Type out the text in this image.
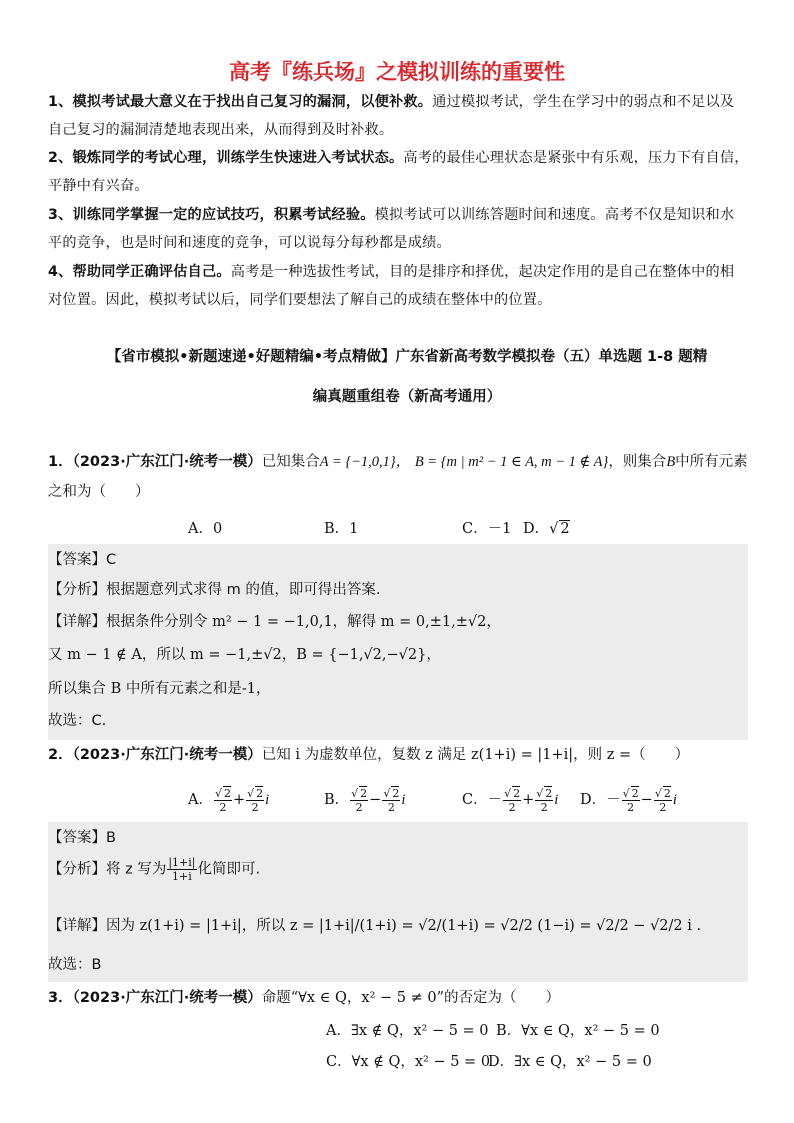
高考『练兵场』之模拟训练的重要性
1、模拟考试最大意义在于找出自己复习的漏洞，以便补救。通过模拟考试，学生在学习中的弱点和不足以及
自己复习的漏洞清楚地表现出来，从而得到及时补救。
2、锻炼同学的考试心理，训练学生快速进入考试状态。高考的最佳心理状态是紧张中有乐观，压力下有自信，
平静中有兴奋。
3、训练同学掌握一定的应试技巧，积累考试经验。模拟考试可以训练答题时间和速度。高考不仅是知识和水
平的竞争，也是时间和速度的竞争，可以说每分每秒都是成绩。
4、帮助同学正确评估自己。高考是一种选拔性考试，目的是排序和择优，起决定作用的是自己在整体中的相
对位置。因此，模拟考试以后，同学们要想法了解自己的成绩在整体中的位置。
【省市模拟•新题速递•好题精编•考点精做】广东省新高考数学模拟卷（五）单选题 1-8 题精
编真题重组卷（新高考通用）
1．（2023·广东江门·统考一模）已知集合A = {−1,0,1}， B = {m | m² − 1 ∈ A, m − 1 ∉ A}，则集合B中所有元素
之和为（　　）
A．0	B．1	C．－1 D．√ 2
【答案】C
【分析】根据题意列式求得 m 的值，即可得出答案.
【详解】根据条件分别令 m² − 1 = −1,0,1，解得 m = 0,±1,±√2，
又 m − 1 ∉ A，所以 m = −1,±√2，B = {−1,√2,−√2}，
所以集合 B 中所有元素之和是-1，
故选：C.
2．（2023·广东江门·统考一模）已知 i 为虚数单位，复数 z 满足 z(1+i) = |1+i|，则 z =（　　）
A． $\frac{√ 2}{2} + \frac{√ 2}{2}$ i	B． $\frac{√ 2}{2} - \frac{√ 2}{2}$ i	C．－ $\frac{√ 2}{2} + \frac{√ 2}{2}$ i D．－ $\frac{√ 2}{2} - \frac{√ 2}{2}$ i
【答案】B
【分析】将 z 写为 $\frac{|1+i|}{1+i}$ 化简即可.
【详解】因为 z(1+i) = |1+i|，所以 z = |1+i|/(1+i) = √2/(1+i) = √2/2 (1−i) = √2/2 − √2/2 i .
故选：B
3．（2023·广东江门·统考一模）命题“∀x ∈ Q，x² − 5 ≠ 0”的否定为（　　）
A．∃x ∉ Q，x² − 5 = 0 B．∀x ∈ Q，x² − 5 = 0
C．∀x ∉ Q，x² − 5 = 0
D．∃x ∈ Q，x² − 5 = 0
